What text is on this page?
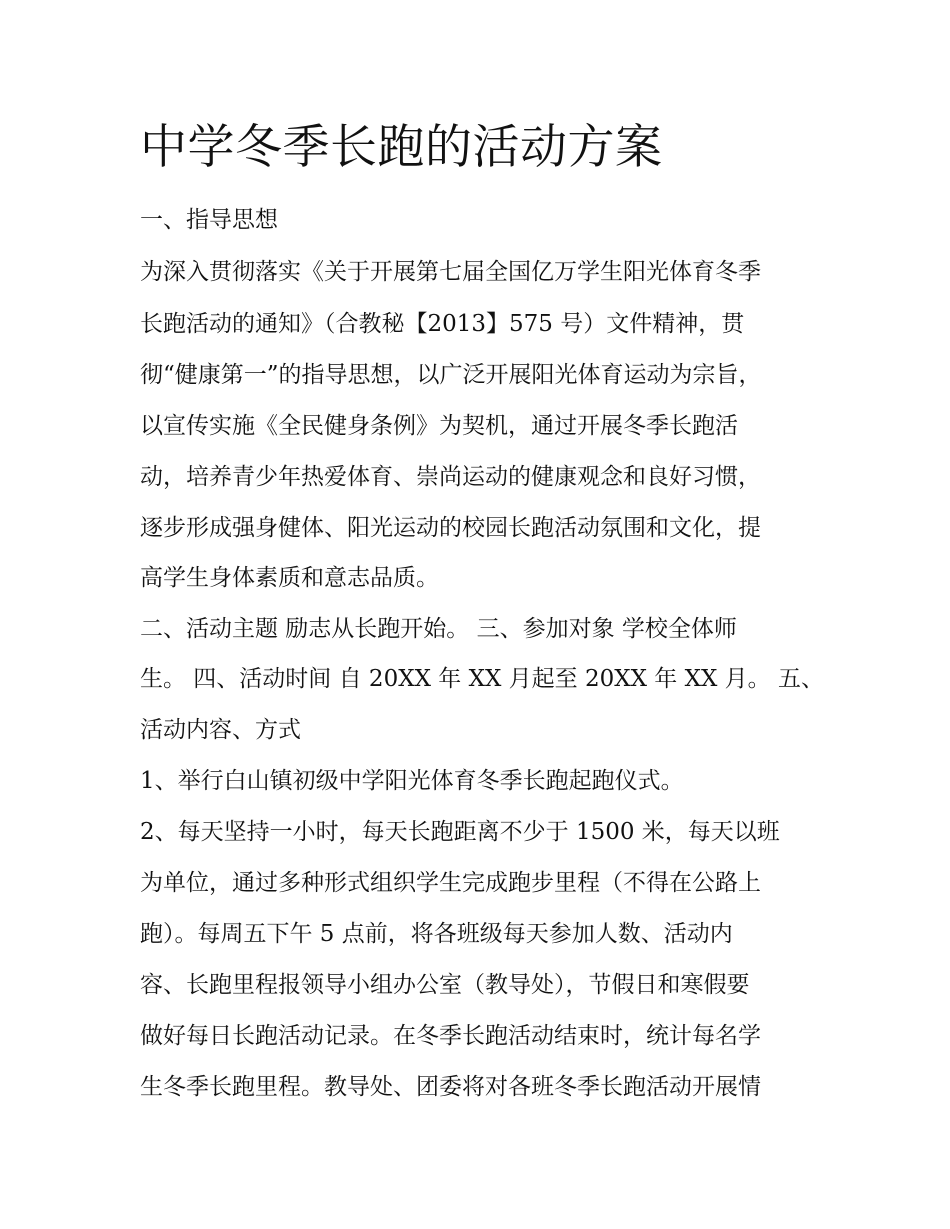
中学冬季长跑的活动方案

一、指导思想

为深入贯彻落实《关于开展第七届全国亿万学生阳光体育冬季

长跑活动的通知》（合教秘【2013】575 号）文件精神，贯

彻“健康第一”的指导思想，以广泛开展阳光体育运动为宗旨，

以宣传实施《全民健身条例》为契机，通过开展冬季长跑活

动，培养青少年热爱体育、崇尚运动的健康观念和良好习惯，

逐步形成强身健体、阳光运动的校园长跑活动氛围和文化，提

高学生身体素质和意志品质。

二、活动主题 励志从长跑开始。 三、参加对象 学校全体师

生。 四、活动时间 自 20XX 年 XX 月起至 20XX 年 XX 月。 五、

活动内容、方式

1、举行白山镇初级中学阳光体育冬季长跑起跑仪式。

2、每天坚持一小时，每天长跑距离不少于 1500 米，每天以班

为单位，通过多种形式组织学生完成跑步里程（不得在公路上

跑）。每周五下午 5 点前，将各班级每天参加人数、活动内

容、长跑里程报领导小组办公室（教导处），节假日和寒假要

做好每日长跑活动记录。在冬季长跑活动结束时，统计每名学

生冬季长跑里程。教导处、团委将对各班冬季长跑活动开展情
